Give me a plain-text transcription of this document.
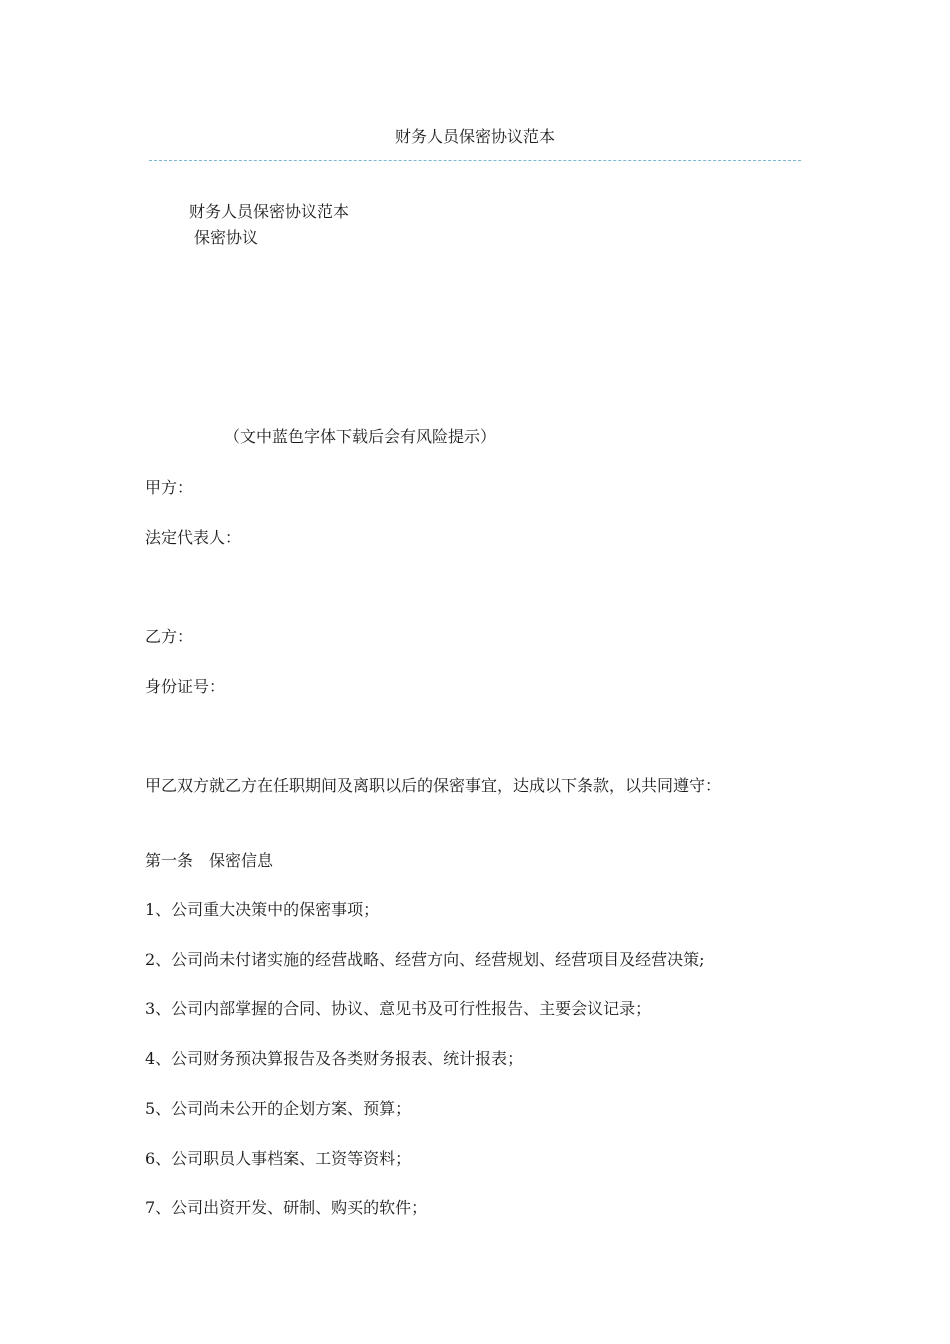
财务人员保密协议范本
财务人员保密协议范本
保密协议
（文中蓝色字体下载后会有风险提示）
甲方：
法定代表人：
乙方：
身份证号：
甲乙双方就乙方在任职期间及离职以后的保密事宜，达成以下条款，以共同遵守：
第一条　保密信息
1、公司重大决策中的保密事项；
2、公司尚未付诸实施的经营战略、经营方向、经营规划、经营项目及经营决策;
3、公司内部掌握的合同、协议、意见书及可行性报告、主要会议记录；
4、公司财务预决算报告及各类财务报表、统计报表；
5、公司尚未公开的企划方案、预算；
6、公司职员人事档案、工资等资料；
7、公司出资开发、研制、购买的软件；
